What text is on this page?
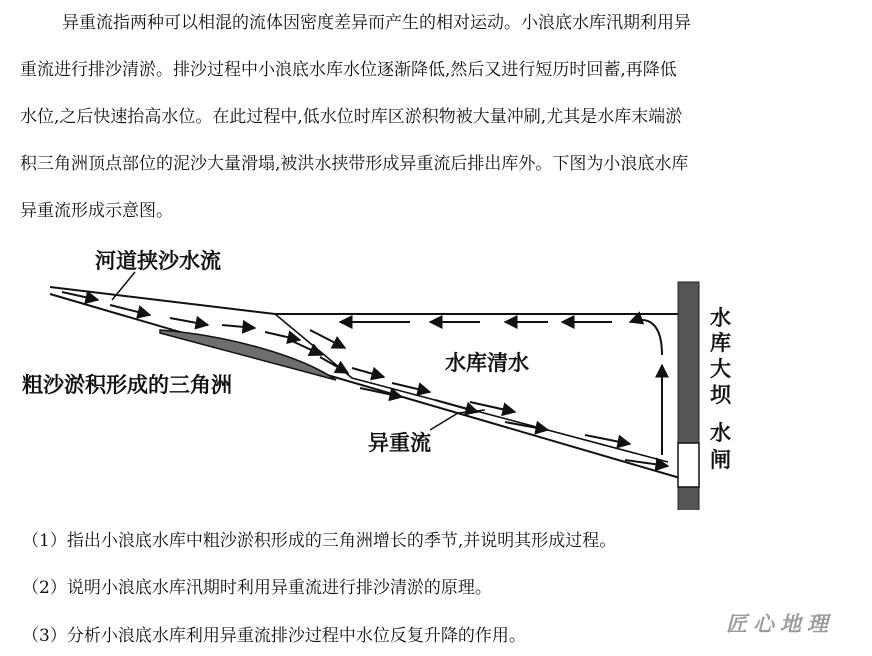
异重流指两种可以相混的流体因密度差异而产生的相对运动。小浪底水库汛期利用异
重流进行排沙清淤。排沙过程中小浪底水库水位逐渐降低,然后又进行短历时回蓄,再降低
水位,之后快速抬高水位。在此过程中,低水位时库区淤积物被大量冲刷,尤其是水库末端淤
积三角洲顶点部位的泥沙大量滑塌,被洪水挟带形成异重流后排出库外。下图为小浪底水库
异重流形成示意图。
河道挟沙水流
粗沙淤积形成的三角洲
水库清水
异重流
水
库
大
坝
水
闸
（1）指出小浪底水库中粗沙淤积形成的三角洲增长的季节,并说明其形成过程。
（2）说明小浪底水库汛期时利用异重流进行排沙清淤的原理。
（3）分析小浪底水库利用异重流排沙过程中水位反复升降的作用。	匠心地理
